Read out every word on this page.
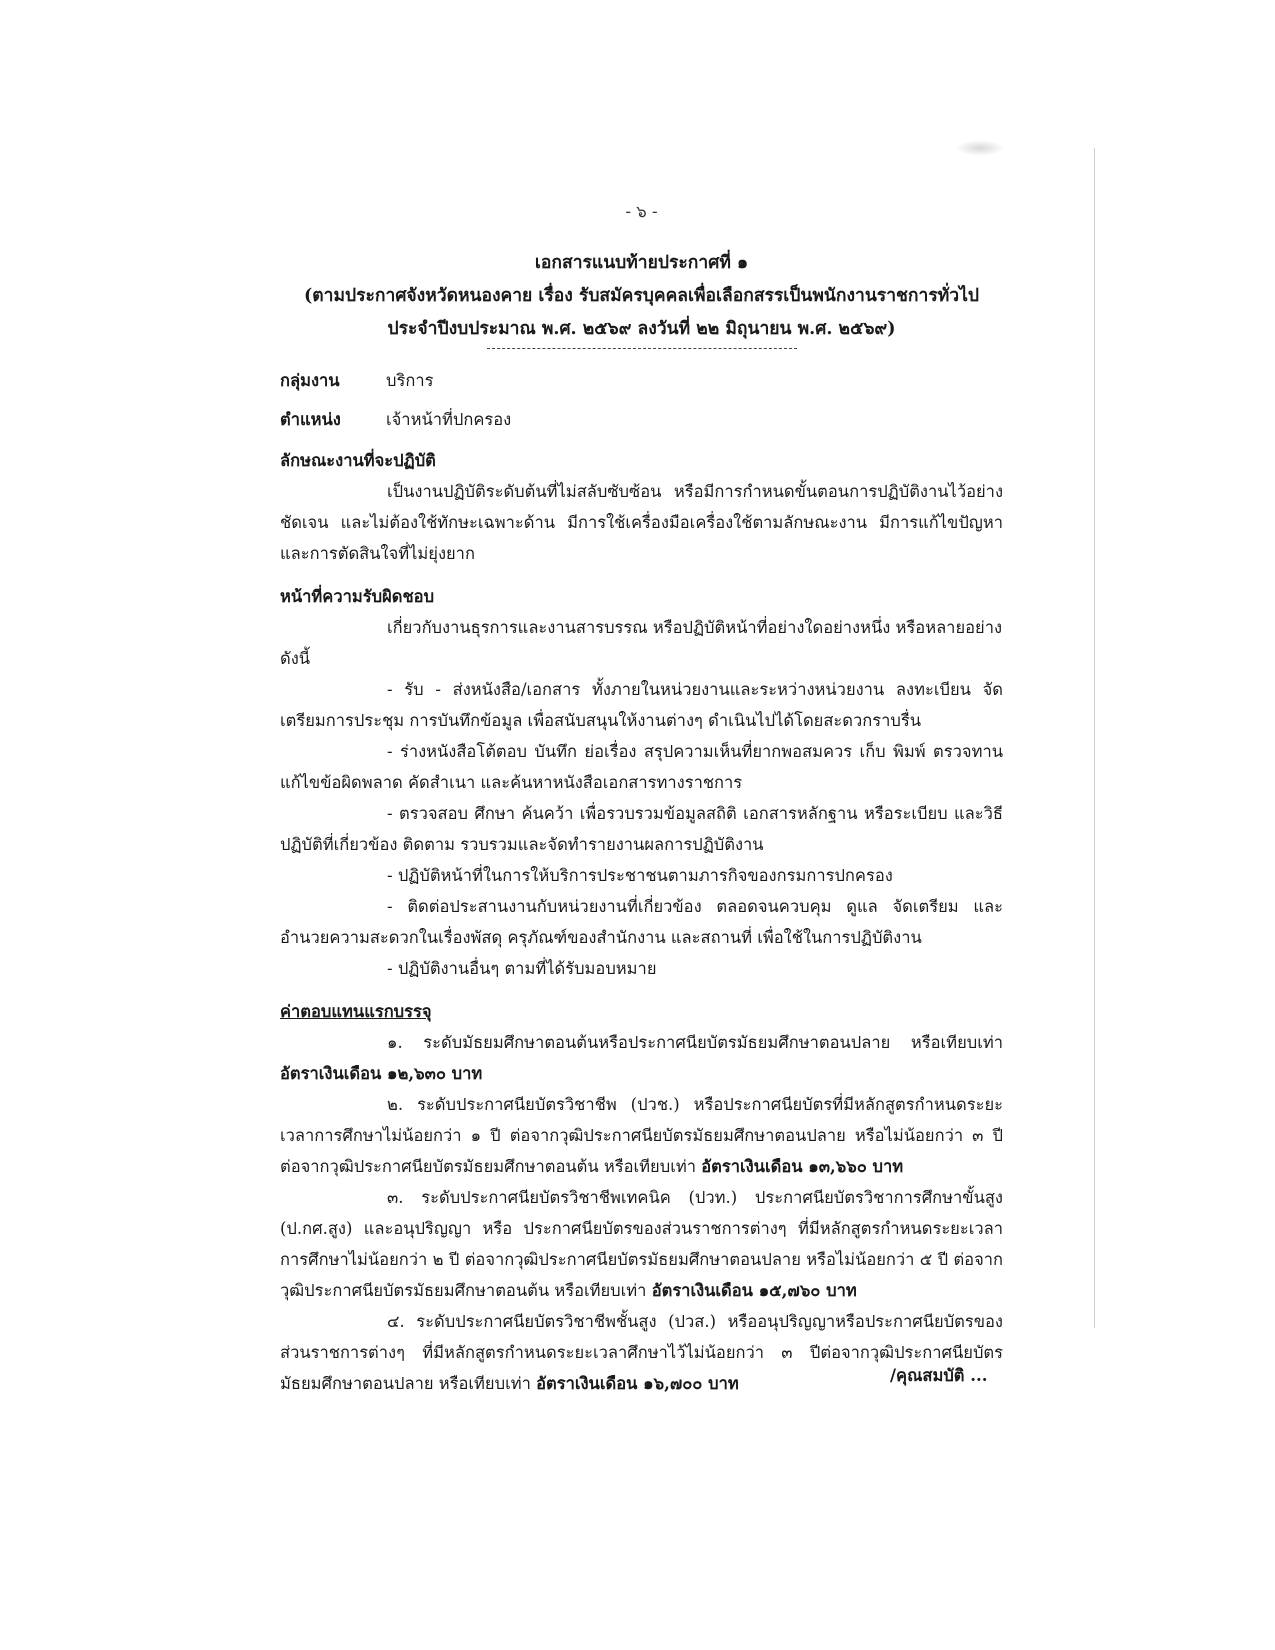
- ๖ -
เอกสารแนบท้ายประกาศที่ ๑
(ตามประกาศจังหวัดหนองคาย เรื่อง รับสมัครบุคคลเพื่อเลือกสรรเป็นพนักงานราชการทั่วไป
ประจำปีงบประมาณ พ.ศ. ๒๕๖๙ ลงวันที่ ๒๒ มิถุนายน พ.ศ. ๒๕๖๙)
กลุ่มงาน	บริการ
ตำแหน่ง	เจ้าหน้าที่ปกครอง
ลักษณะงานที่จะปฏิบัติ
เป็นงานปฏิบัติระดับต้นที่ไม่สลับซับซ้อน หรือมีการกำหนดขั้นตอนการปฏิบัติงานไว้อย่างชัดเจน และไม่ต้องใช้ทักษะเฉพาะด้าน มีการใช้เครื่องมือเครื่องใช้ตามลักษณะงาน มีการแก้ไขปัญหาและการตัดสินใจที่ไม่ยุ่งยาก
หน้าที่ความรับผิดชอบ
เกี่ยวกับงานธุรการและงานสารบรรณ หรือปฏิบัติหน้าที่อย่างใดอย่างหนึ่ง หรือหลายอย่าง ดังนี้
- รับ - ส่งหนังสือ/เอกสาร ทั้งภายในหน่วยงานและระหว่างหน่วยงาน ลงทะเบียน จัดเตรียมการประชุม การบันทึกข้อมูล เพื่อสนับสนุนให้งานต่างๆ ดำเนินไปได้โดยสะดวกราบรื่น
- ร่างหนังสือโต้ตอบ บันทึก ย่อเรื่อง สรุปความเห็นที่ยากพอสมควร เก็บ พิมพ์ ตรวจทาน แก้ไขข้อผิดพลาด คัดสำเนา และค้นหาหนังสือเอกสารทางราชการ
- ตรวจสอบ ศึกษา ค้นคว้า เพื่อรวบรวมข้อมูลสถิติ เอกสารหลักฐาน หรือระเบียบ และวิธีปฏิบัติที่เกี่ยวข้อง ติดตาม รวบรวมและจัดทำรายงานผลการปฏิบัติงาน
- ปฏิบัติหน้าที่ในการให้บริการประชาชนตามภารกิจของกรมการปกครอง
- ติดต่อประสานงานกับหน่วยงานที่เกี่ยวข้อง ตลอดจนควบคุม ดูแล จัดเตรียม และอำนวยความสะดวกในเรื่องพัสดุ ครุภัณฑ์ของสำนักงาน และสถานที่ เพื่อใช้ในการปฏิบัติงาน
- ปฏิบัติงานอื่นๆ ตามที่ได้รับมอบหมาย
ค่าตอบแทนแรกบรรจุ
๑. ระดับมัธยมศึกษาตอนต้นหรือประกาศนียบัตรมัธยมศึกษาตอนปลาย หรือเทียบเท่า อัตราเงินเดือน ๑๒,๖๓๐ บาท
๒. ระดับประกาศนียบัตรวิชาชีพ (ปวช.) หรือประกาศนียบัตรที่มีหลักสูตรกำหนดระยะเวลาการศึกษาไม่น้อยกว่า ๑ ปี ต่อจากวุฒิประกาศนียบัตรมัธยมศึกษาตอนปลาย หรือไม่น้อยกว่า ๓ ปี ต่อจากวุฒิประกาศนียบัตรมัธยมศึกษาตอนต้น หรือเทียบเท่า อัตราเงินเดือน ๑๓,๖๖๐ บาท
๓. ระดับประกาศนียบัตรวิชาชีพเทคนิค (ปวท.) ประกาศนียบัตรวิชาการศึกษาขั้นสูง (ป.กศ.สูง) และอนุปริญญา หรือ ประกาศนียบัตรของส่วนราชการต่างๆ ที่มีหลักสูตรกำหนดระยะเวลาการศึกษาไม่น้อยกว่า ๒ ปี ต่อจากวุฒิประกาศนียบัตรมัธยมศึกษาตอนปลาย หรือไม่น้อยกว่า ๕ ปี ต่อจากวุฒิประกาศนียบัตรมัธยมศึกษาตอนต้น หรือเทียบเท่า อัตราเงินเดือน ๑๕,๗๖๐ บาท
๔. ระดับประกาศนียบัตรวิชาชีพชั้นสูง (ปวส.) หรืออนุปริญญาหรือประกาศนียบัตรของส่วนราชการต่างๆ ที่มีหลักสูตรกำหนดระยะเวลาศึกษาไว้ไม่น้อยกว่า ๓ ปีต่อจากวุฒิประกาศนียบัตรมัธยมศึกษาตอนปลาย หรือเทียบเท่า อัตราเงินเดือน ๑๖,๗๐๐ บาท	/คุณสมบัติ ...
